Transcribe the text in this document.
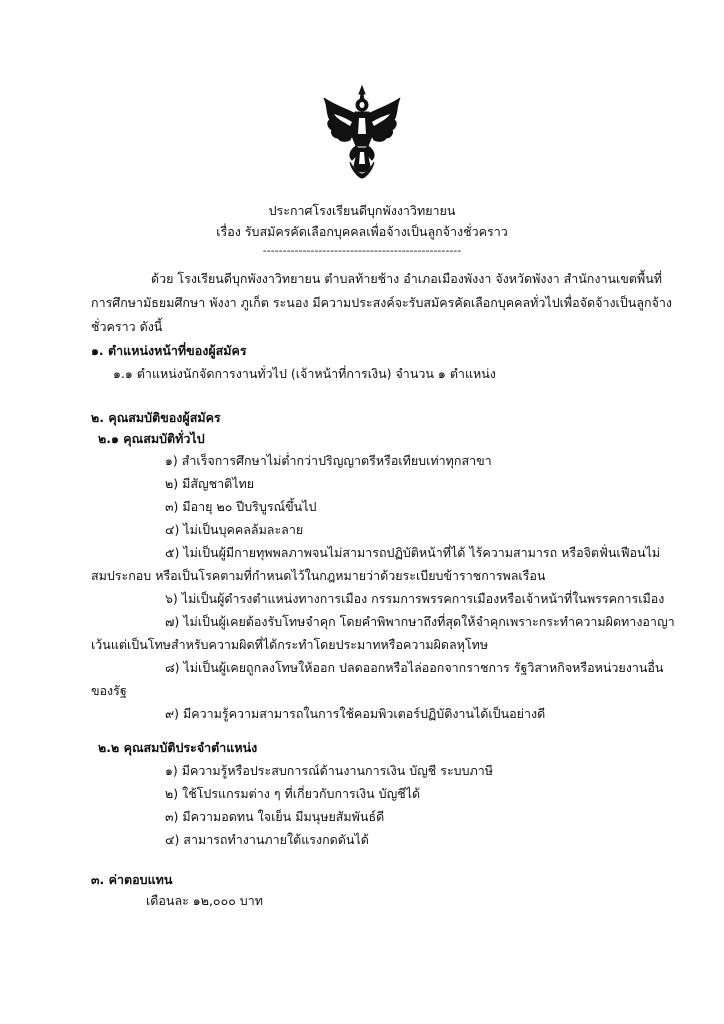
ประกาศโรงเรียนดีบุกพังงาวิทยายน
เรื่อง รับสมัครคัดเลือกบุคคลเพื่อจ้างเป็นลูกจ้างชั่วคราว
--------------------------------------------------
ด้วย โรงเรียนดีบุกพังงาวิทยายน ตำบลท้ายช้าง อำเภอเมืองพังงา จังหวัดพังงา สำนักงานเขตพื้นที่
การศึกษามัธยมศึกษา พังงา ภูเก็ต ระนอง มีความประสงค์จะรับสมัครคัดเลือกบุคคลทั่วไปเพื่อจัดจ้างเป็นลูกจ้าง
ชั่วคราว ดังนี้
๑. ตำแหน่งหน้าที่ของผู้สมัคร
๑.๑ ตำแหน่งนักจัดการงานทั่วไป (เจ้าหน้าที่การเงิน) จำนวน ๑ ตำแหน่ง
๒. คุณสมบัติของผู้สมัคร
๒.๑ คุณสมบัติทั่วไป
๑) สำเร็จการศึกษาไม่ต่ำกว่าปริญญาตรีหรือเทียบเท่าทุกสาขา
๒) มีสัญชาติไทย
๓) มีอายุ ๒๐ ปีบริบูรณ์ขึ้นไป
๔) ไม่เป็นบุคคลล้มละลาย
๕) ไม่เป็นผู้มีกายทุพพลภาพจนไม่สามารถปฏิบัติหน้าที่ได้ ไร้ความสามารถ หรือจิตฟั่นเฟือนไม่
สมประกอบ หรือเป็นโรคตามที่กำหนดไว้ในกฎหมายว่าด้วยระเบียบข้าราชการพลเรือน
๖) ไม่เป็นผู้ดำรงตำแหน่งทางการเมือง กรรมการพรรคการเมืองหรือเจ้าหน้าที่ในพรรคการเมือง
๗) ไม่เป็นผู้เคยต้องรับโทษจำคุก โดยคำพิพากษาถึงที่สุดให้จำคุกเพราะกระทำความผิดทางอาญา
เว้นแต่เป็นโทษสำหรับความผิดที่ได้กระทำโดยประมาทหรือความผิดลหุโทษ
๘) ไม่เป็นผู้เคยถูกลงโทษให้ออก ปลดออกหรือไล่ออกจากราชการ รัฐวิสาหกิจหรือหน่วยงานอื่น
ของรัฐ
๙) มีความรู้ความสามารถในการใช้คอมพิวเตอร์ปฏิบัติงานได้เป็นอย่างดี
๒.๒ คุณสมบัติประจำตำแหน่ง
๑) มีความรู้หรือประสบการณ์ด้านงานการเงิน บัญชี ระบบภาษี
๒) ใช้โปรแกรมต่าง ๆ ที่เกี่ยวกับการเงิน บัญชีได้
๓) มีความอดทน ใจเย็น มีมนุษยสัมพันธ์ดี
๔) สามารถทำงานภายใต้แรงกดดันได้
๓. ค่าตอบแทน
เดือนละ ๑๒,๐๐๐ บาท
